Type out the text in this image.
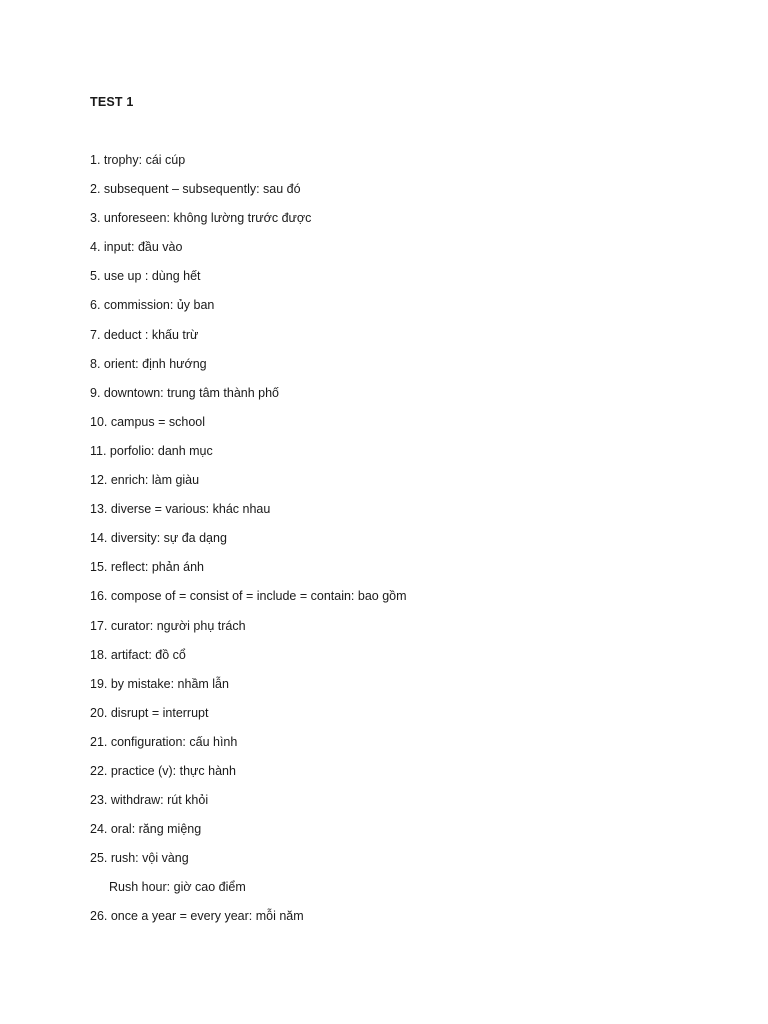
TEST 1
1. trophy: cái cúp
2. subsequent – subsequently: sau đó
3. unforeseen: không lường trước được
4. input: đầu vào
5. use up : dùng hết
6. commission: ủy ban
7. deduct : khấu trừ
8. orient: định hướng
9. downtown: trung tâm thành phố
10. campus = school
11. porfolio: danh mục
12. enrich: làm giàu
13. diverse = various: khác nhau
14. diversity: sự đa dạng
15. reflect: phản ánh
16. compose of = consist of = include = contain: bao gồm
17. curator: người phụ trách
18. artifact: đồ cổ
19. by mistake: nhầm lẫn
20. disrupt = interrupt
21. configuration: cấu hình
22. practice (v): thực hành
23. withdraw: rút khỏi
24. oral: răng miệng
25. rush: vội vàng
Rush hour: giờ cao điểm
26. once a year = every year: mỗi năm
